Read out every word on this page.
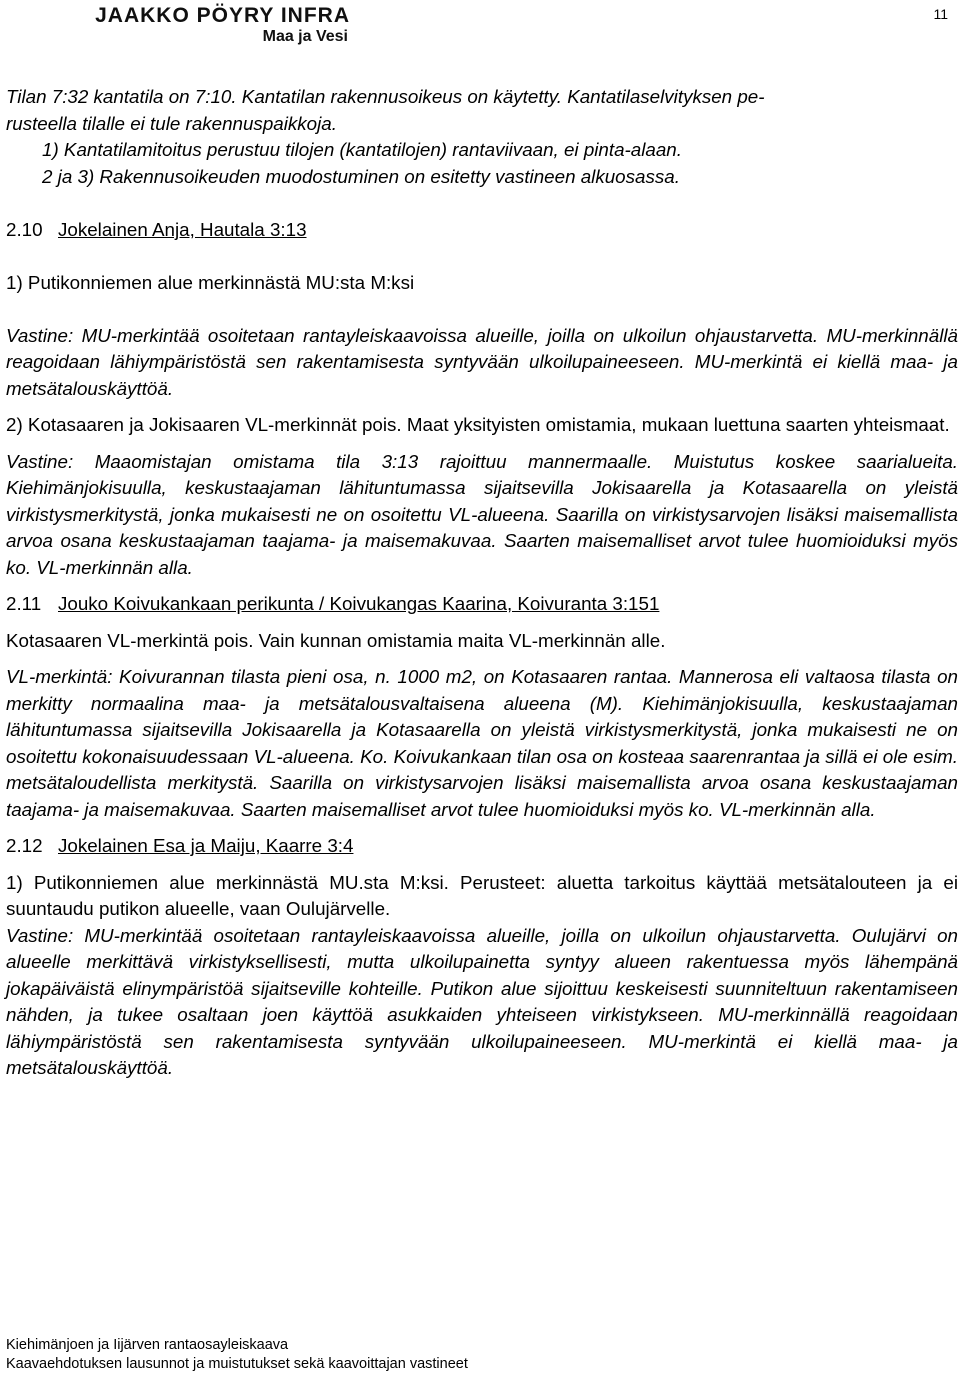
JAAKKO PÖYRY INFRA
Maa ja Vesi
11

Tilan 7:32 kantatila on 7:10. Kantatilan rakennusoikeus on käytetty. Kantatilaselvityksen pe-

rusteella tilalle ei tule rakennuspaikkoja.

1) Kantatilamitoitus perustuu tilojen (kantatilojen) rantaviivaan, ei pinta-alaan.

2 ja 3) Rakennusoikeuden muodostuminen on esitetty vastineen alkuosassa.

2.10 Jokelainen Anja, Hautala 3:13

1) Putikonniemen alue merkinnästä MU:sta M:ksi

Vastine: MU-merkintää osoitetaan rantayleiskaavoissa alueille, joilla on ulkoilun ohjaustarvetta. MU-merkinnällä reagoidaan lähiympäristöstä sen rakentamisesta syntyvään ulkoilupaineeseen. MU-merkintä ei kiellä maa- ja metsätalouskäyttöä.

2) Kotasaaren ja Jokisaaren VL-merkinnät pois. Maat yksityisten omistamia, mukaan luettuna saarten yhteismaat.

Vastine: Maaomistajan omistama tila 3:13 rajoittuu mannermaalle. Muistutus koskee saarialueita. Kiehimänjokisuulla, keskustaajaman lähituntumassa sijaitsevilla Jokisaarella ja Kotasaarella on yleistä virkistysmerkitystä, jonka mukaisesti ne on osoitettu VL-alueena. Saarilla on virkistysarvojen lisäksi maisemallista arvoa osana keskustaajaman taajama- ja maisemakuvaa. Saarten maisemalliset arvot tulee huomioiduksi myös ko. VL-merkinnän alla.

2.11 Jouko Koivukankaan perikunta / Koivukangas Kaarina, Koivuranta 3:151

Kotasaaren VL-merkintä pois. Vain kunnan omistamia maita VL-merkinnän alle.

VL-merkintä: Koivurannan tilasta pieni osa, n. 1000 m2, on Kotasaaren rantaa. Mannerosa eli valtaosa tilasta on merkitty normaalina maa- ja metsätalousvaltaisena alueena (M). Kiehimänjokisuulla, keskustaajaman lähituntumassa sijaitsevilla Jokisaarella ja Kotasaarella on yleistä virkistysmerkitystä, jonka mukaisesti ne on osoitettu kokonaisuudessaan VL-alueena. Ko. Koivukankaan tilan osa on kosteaa saarenrantaa ja sillä ei ole esim. metsätaloudellista merkitystä. Saarilla on virkistysarvojen lisäksi maisemallista arvoa osana keskustaajaman taajama- ja maisemakuvaa. Saarten maisemalliset arvot tulee huomioiduksi myös ko. VL-merkinnän alla.

2.12 Jokelainen Esa ja Maiju, Kaarre 3:4

1) Putikonniemen alue merkinnästä MU.sta M:ksi. Perusteet: aluetta tarkoitus käyttää metsätalouteen ja ei suuntaudu putikon alueelle, vaan Oulujärvelle.

Vastine: MU-merkintää osoitetaan rantayleiskaavoissa alueille, joilla on ulkoilun ohjaustarvetta. Oulujärvi on alueelle merkittävä virkistyksellisesti, mutta ulkoilupainetta syntyy alueen rakentuessa myös lähempänä jokapäiväistä elinympäristöä sijaitseville kohteille. Putikon alue sijoittuu keskeisesti suunniteltuun rakentamiseen nähden, ja tukee osaltaan joen käyttöä asukkaiden yhteiseen virkistykseen. MU-merkinnällä reagoidaan lähiympäristöstä sen rakentamisesta syntyvään ulkoilupaineeseen. MU-merkintä ei kiellä maa- ja metsätalouskäyttöä.

Kiehimänjoen ja Iijärven rantaosayleiskaava
Kaavaehdotuksen lausunnot ja muistutukset sekä kaavoittajan vastineet
